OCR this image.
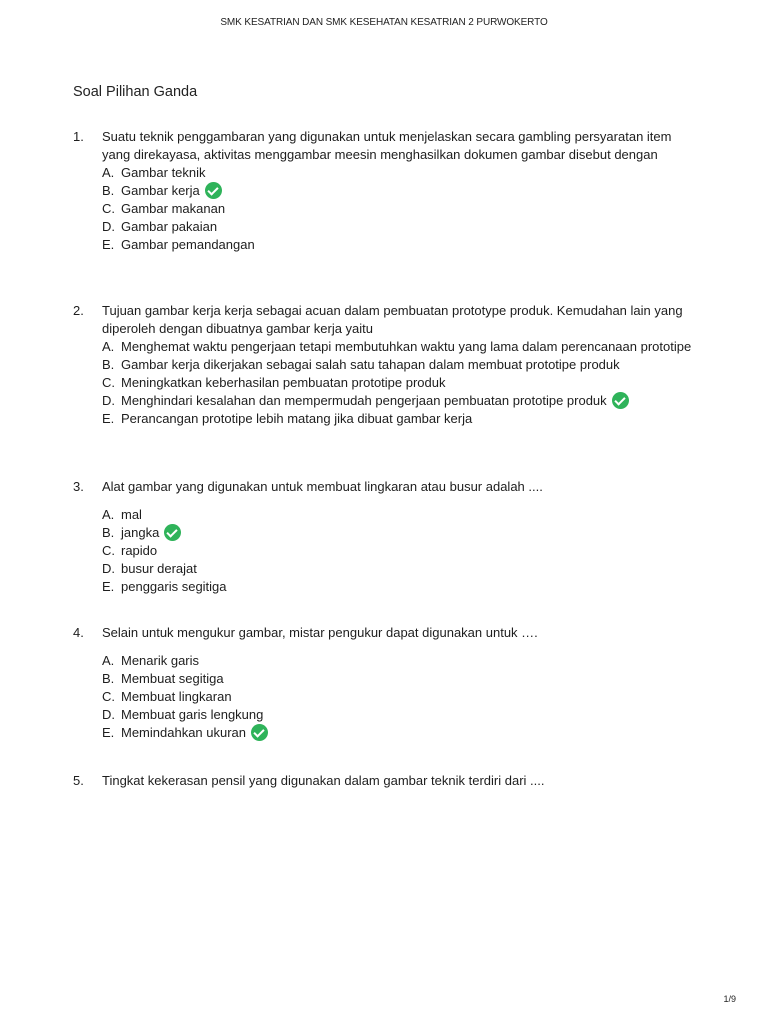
SMK KESATRIAN DAN SMK KESEHATAN KESATRIAN 2 PURWOKERTO
Soal Pilihan Ganda
1.	Suatu teknik penggambaran yang digunakan untuk menjelaskan secara gambling persyaratan item yang direkayasa, aktivitas menggambar meesin menghasilkan dokumen gambar disebut dengan
A. Gambar teknik
B. Gambar kerja
C. Gambar makanan
D. Gambar pakaian
E. Gambar pemandangan
2.	Tujuan gambar kerja kerja sebagai acuan dalam pembuatan prototype produk. Kemudahan lain yang diperoleh dengan dibuatnya gambar kerja yaitu
A. Menghemat waktu pengerjaan tetapi membutuhkan waktu yang lama dalam perencanaan prototipe
B. Gambar kerja dikerjakan sebagai salah satu tahapan dalam membuat prototipe produk
C. Meningkatkan keberhasilan pembuatan prototipe produk
D. Menghindari kesalahan dan mempermudah pengerjaan pembuatan prototipe produk
E. Perancangan prototipe lebih matang jika dibuat gambar kerja
3.	Alat gambar yang digunakan untuk membuat lingkaran atau busur adalah ....
A. mal
B. jangka
C. rapido
D. busur derajat
E. penggaris segitiga
4.	Selain untuk mengukur gambar, mistar pengukur dapat digunakan untuk ….
A. Menarik garis
B. Membuat segitiga
C. Membuat lingkaran
D. Membuat garis lengkung
E. Memindahkan ukuran
5.	Tingkat kekerasan pensil yang digunakan dalam gambar teknik terdiri dari ....
1/9
